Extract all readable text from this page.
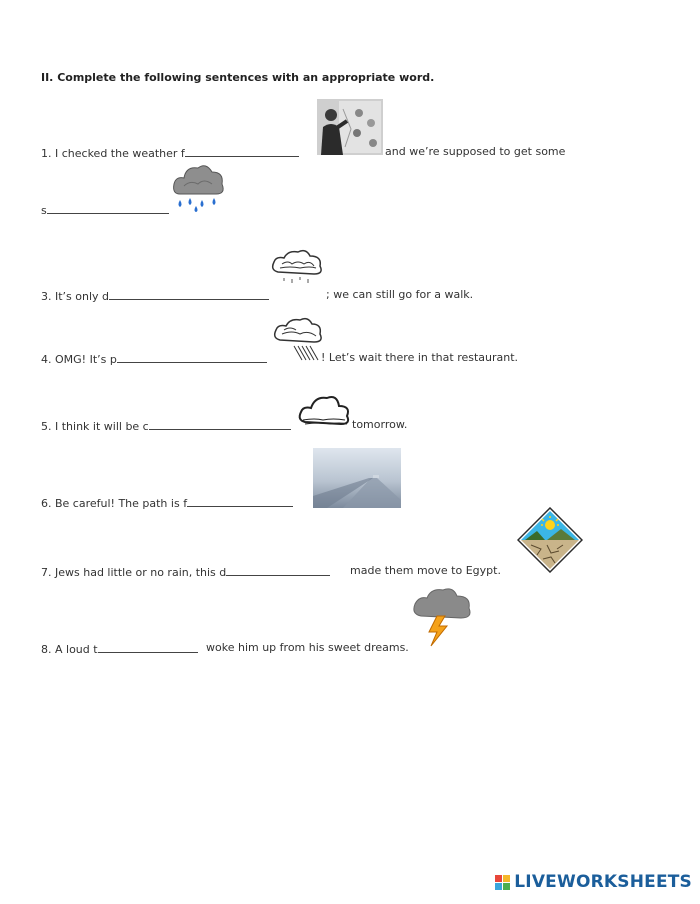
II. Complete the following sentences with an appropriate word.
1. I checked the weather f	and we’re supposed to get some
s
3. It’s only d	; we can still go for a walk.
4. OMG! It’s p	! Let’s wait there in that restaurant.
5. I think it will be c	tomorrow.
6. Be careful! The path is f
7. Jews had little or no rain, this d	made them move to Egypt.
8. A loud t	woke him up from his sweet dreams.
LIVEWORKSHEETS
